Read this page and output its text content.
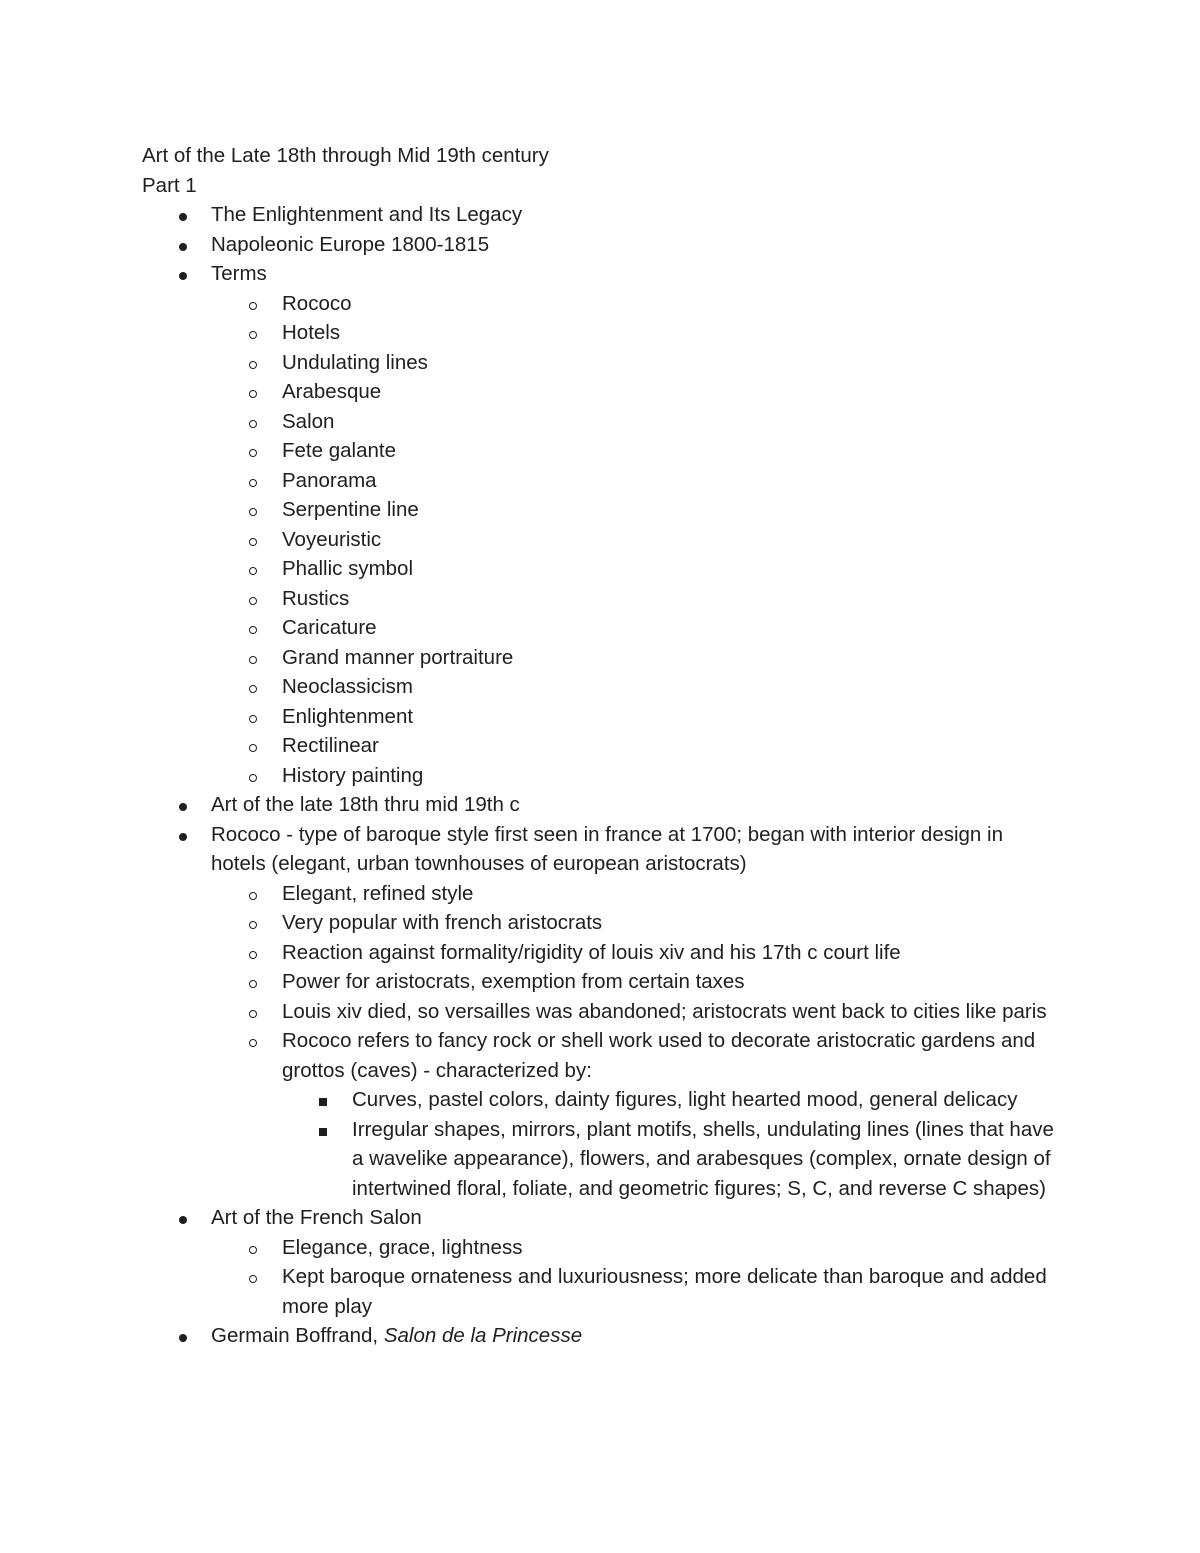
Art of the Late 18th through Mid 19th century

Part 1

The Enlightenment and Its Legacy

Napoleonic Europe 1800-1815

Terms

Rococo

Hotels

Undulating lines

Arabesque

Salon

Fete galante

Panorama

Serpentine line

Voyeuristic

Phallic symbol

Rustics

Caricature

Grand manner portraiture

Neoclassicism

Enlightenment

Rectilinear

History painting

Art of the late 18th thru mid 19th c

Rococo - type of baroque style first seen in france at 1700; began with interior design in hotels (elegant, urban townhouses of european aristocrats)

Elegant, refined style

Very popular with french aristocrats

Reaction against formality/rigidity of louis xiv and his 17th c court life

Power for aristocrats, exemption from certain taxes

Louis xiv died, so versailles was abandoned; aristocrats went back to cities like paris

Rococo refers to fancy rock or shell work used to decorate aristocratic gardens and grottos (caves) - characterized by:

Curves, pastel colors, dainty figures, light hearted mood, general delicacy

Irregular shapes, mirrors, plant motifs, shells, undulating lines (lines that have a wavelike appearance), flowers, and arabesques (complex, ornate design of intertwined floral, foliate, and geometric figures; S, C, and reverse C shapes)

Art of the French Salon

Elegance, grace, lightness

Kept baroque ornateness and luxuriousness; more delicate than baroque and added more play

Germain Boffrand, Salon de la Princesse
